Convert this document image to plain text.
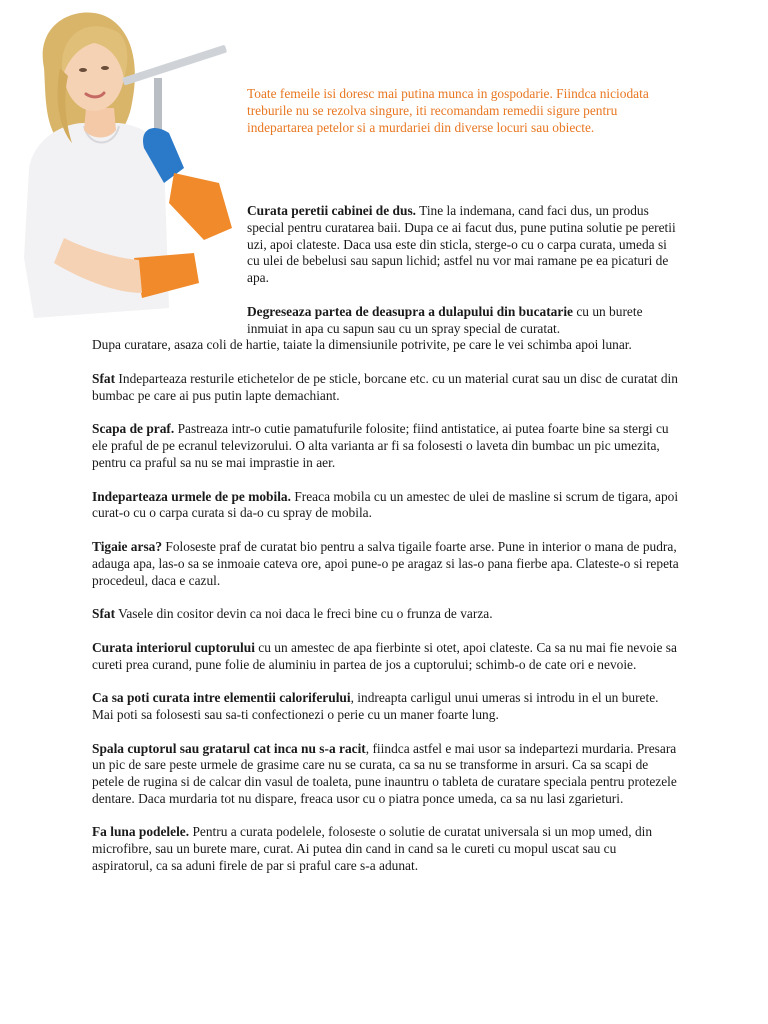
Toate femeile isi doresc mai putina munca in gospodarie. Fiindca niciodata treburile nu se rezolva singure, iti recomandam remedii sigure pentru indepartarea petelor si a murdariei din diverse locuri sau obiecte.

Curata peretii cabinei de dus. Tine la indemana, cand faci dus, un produs special pentru curatarea baii. Dupa ce ai facut dus, pune putina solutie pe peretii uzi, apoi clateste. Daca usa este din sticla, sterge-o cu o carpa curata, umeda si cu ulei de bebelusi sau sapun lichid; astfel nu vor mai ramane pe ea picaturi de apa.

Degreseaza partea de deasupra a dulapului din bucatarie cu un burete inmuiat in apa cu sapun sau cu un spray special de curatat.

Dupa curatare, asaza coli de hartie, taiate la dimensiunile potrivite, pe care le vei schimba apoi lunar.

Sfat Indeparteaza resturile etichetelor de pe sticle, borcane etc. cu un material curat sau un disc de curatat din bumbac pe care ai pus putin lapte demachiant.

Scapa de praf. Pastreaza intr-o cutie pamatufurile folosite; fiind antistatice, ai putea foarte bine sa stergi cu ele praful de pe ecranul televizorului. O alta varianta ar fi sa folosesti o laveta din bumbac un pic umezita, pentru ca praful sa nu se mai imprastie in aer.

Indeparteaza urmele de pe mobila. Freaca mobila cu un amestec de ulei de masline si scrum de tigara, apoi curat-o cu o carpa curata si da-o cu spray de mobila.

Tigaie arsa? Foloseste praf de curatat bio pentru a salva tigaile foarte arse. Pune in interior o mana de pudra, adauga apa, las-o sa se inmoaie cateva ore, apoi pune-o pe aragaz si las-o pana fierbe apa. Clateste-o si repeta procedeul, daca e cazul.

Sfat Vasele din cositor devin ca noi daca le freci bine cu o frunza de varza.

Curata interiorul cuptorului cu un amestec de apa fierbinte si otet, apoi clateste. Ca sa nu mai fie nevoie sa cureti prea curand, pune folie de aluminiu in partea de jos a cuptorului; schimb-o de cate ori e nevoie.

Ca sa poti curata intre elementii caloriferului, indreapta carligul unui umeras si introdu in el un burete. Mai poti sa folosesti sau sa-ti confectionezi o perie cu un maner foarte lung.

Spala cuptorul sau gratarul cat inca nu s-a racit, fiindca astfel e mai usor sa indepartezi murdaria. Presara un pic de sare peste urmele de grasime care nu se curata, ca sa nu se transforme in arsuri. Ca sa scapi de petele de rugina si de calcar din vasul de toaleta, pune inauntru o tableta de curatare speciala pentru protezele dentare. Daca murdaria tot nu dispare, freaca usor cu o piatra ponce umeda, ca sa nu lasi zgarieturi.

Fa luna podelele. Pentru a curata podelele, foloseste o solutie de curatat universala si un mop umed, din microfibre, sau un burete mare, curat. Ai putea din cand in cand sa le cureti cu mopul uscat sau cu aspiratorul, ca sa aduni firele de par si praful care s-a adunat.
